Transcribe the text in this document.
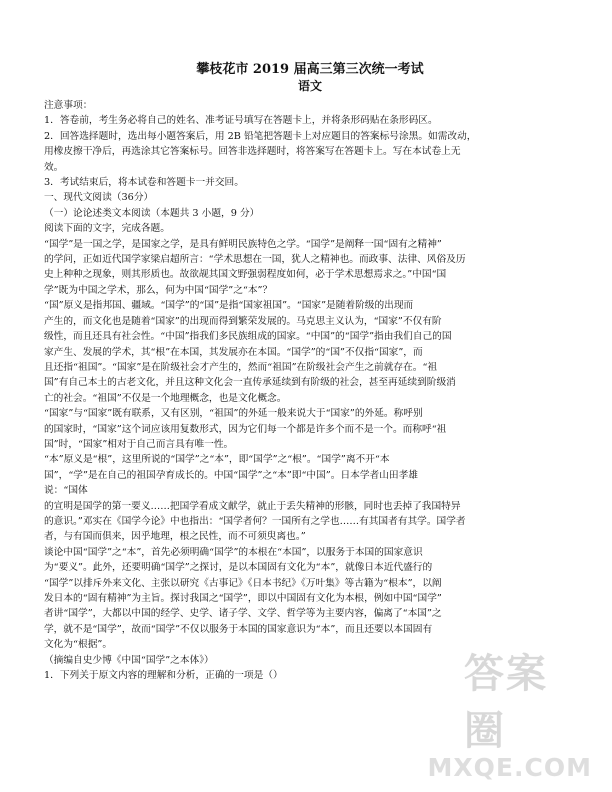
攀枝花市 2019 届高三第三次统一考试

语文

注意事项：

1．答卷前，考生务必将自己的姓名、准考证号填写在答题卡上，并将条形码贴在条形码区。

2．回答选择题时，选出每小题答案后，用 2B 铅笔把答题卡上对应题目的答案标号涂黑。如需改动，

用橡皮擦干净后，再选涂其它答案标号。回答非选择题时，将答案写在答题卡上。写在本试卷上无

效。

3．考试结束后，将本试卷和答题卡一并交回。

一、现代文阅读（36分）

（一）论论述类文本阅读（本题共 3 小题，9 分）

阅读下面的文字，完成各题。

“国学”是一国之学，是国家之学，是具有鲜明民族特色之学。“国学”是阐释一国“固有之精神”

的学问，正如近代国学家梁启超所言：“学术思想在一国，犹人之精神也。而政事、法律、风俗及历

史上种种之现象，则其形质也。故欲觇其国文野强弱程度如何，必于学术思想焉求之。”中国“国

学”既为中国之学术，那么，何为中国“国学”之“本”？

“国”原义是指邦国、疆域。“国学”的“国”是指“国家祖国”。“国家”是随着阶级的出现而

产生的，而文化也是随着“国家”的出现而得到繁荣发展的。马克思主义认为，“国家”不仅有阶

级性，而且还具有社会性。“中国”指我们多民族组成的国家。“中国”的“国学”指由我们自己的国

家产生、发展的学术，其“根”在本国，其发展亦在本国。“国学”的“国”不仅指“国家”，而

且还指“祖国”。“国家”是在阶级社会才产生的，然而“祖国”在阶级社会产生之前就存在。“祖

国”有自己本土的古老文化，并且这种文化会一直传承延续到有阶级的社会，甚至再延续到阶级消

亡的社会。“祖国”不仅是一个地理概念，也是文化概念。

“国家”与“国家”既有联系，又有区别，“祖国”的外延一般来说大于“国家”的外延。称呼别

的国家时，“国家”这个词应该用复数形式，因为它们每一个都是许多个而不是一个。而称呼“祖

国”时，“国家”相对于自己而言具有唯一性。

“本”原义是“根”，这里所说的“国学”之“本”，即“国学”之“根”。“国学”离不开“本

国”，“学”是在自己的祖国孕育成长的。中国“国学”之“本”即“中国”。日本学者山田孝雄

说：“国体

的宣明是国学的第一要义……把国学看成文献学，就止于丢失精神的形骸，同时也丢掉了我国特异

的意识。”邓实在《国学今论》中也指出：“国学者何？一国所有之学也……有其国者有其学。国学者

者，与有国而俱来，因乎地理，根之民性，而不可须臾离也。”

谈论中国“国学”之“本”，首先必须明确“国学”的本根在“本国”，以服务于本国的国家意识

为“要义”。此外，还要明确“国学”之探讨，是以本国固有文化为“本”，就像日本近代盛行的

“国学”以排斥外来文化、主张以研究《古事记》《日本书纪》《万叶集》等古籍为“根本”，以阐

发日本的“固有精神”为主旨。探讨我国之“国学”，即以中国固有文化为本根，例如中国“国学”

者讲“国学”，大都以中国的经学、史学、诸子学、文学、哲学等为主要内容，偏离了“本国”之

学，就不是“国学”，故而“国学”不仅以服务于本国的国家意识为“本”，而且还要以本国固有

文化为“根据”。

（摘编自史少博《中国“国学”之本体》）

1．下列关于原文内容的理解和分析，正确的一项是（）

​
答案圈
MXQE.COM
